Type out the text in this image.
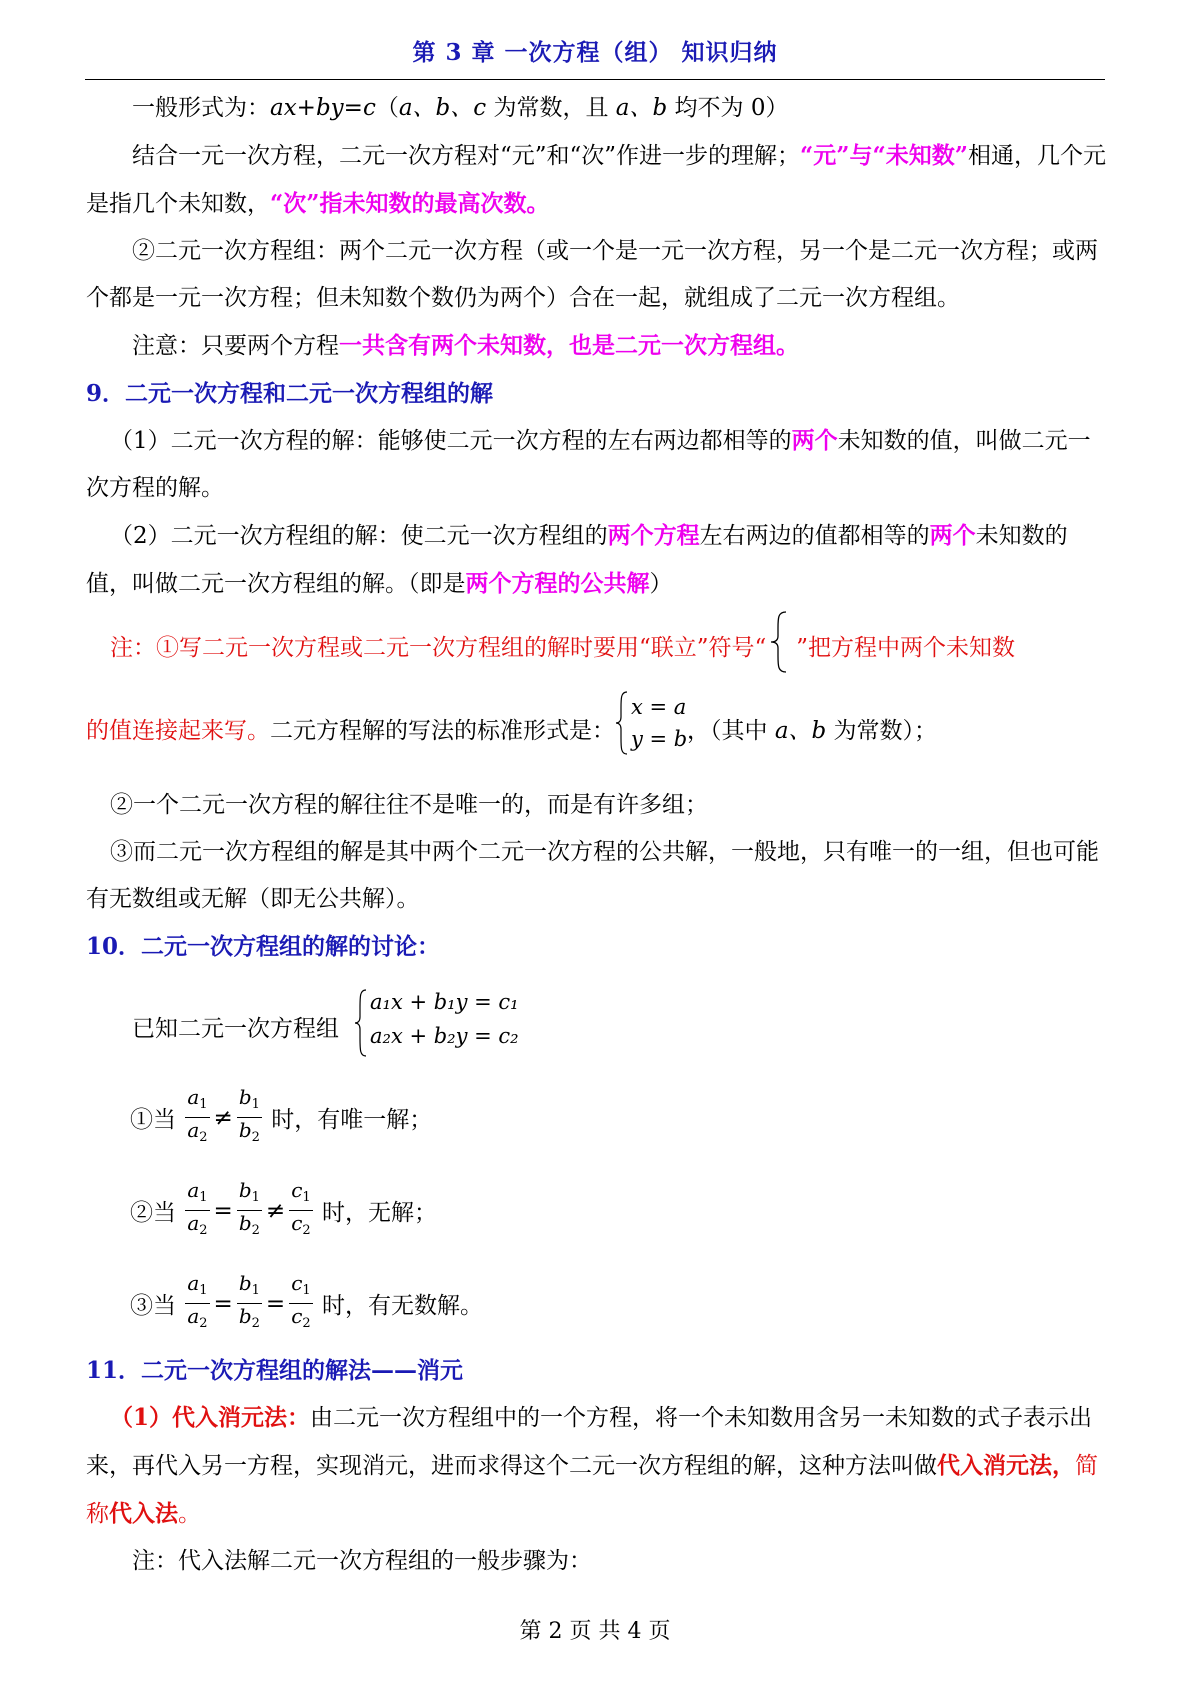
第 3 章 一次方程（组） 知识归纳

一般形式为：ax+by=c（a、b、c 为常数，且 a、b 均不为 0）

结合一元一次方程，二元一次方程对“元”和“次”作进一步的理解；“元”与“未知数”相通，几个元是指几个未知数，“次”指未知数的最高次数。

②二元一次方程组：两个二元一次方程（或一个是一元一次方程，另一个是二元一次方程；或两个都是一元一次方程；但未知数个数仍为两个）合在一起，就组成了二元一次方程组。

注意：只要两个方程一共含有两个未知数，也是二元一次方程组。

9．二元一次方程和二元一次方程组的解

（1）二元一次方程的解：能够使二元一次方程的左右两边都相等的两个未知数的值，叫做二元一次方程的解。

（2）二元一次方程组的解：使二元一次方程组的两个方程左右两边的值都相等的两个未知数的值，叫做二元一次方程组的解。（即是两个方程的公共解）

注：①写二元一次方程或二元一次方程组的解时要用“联立”符号“ ”把方程中两个未知数
的值连接起来写。二元方程解的写法的标准形式是：
x = a
y = b ，（其中 a、b 为常数）；

②一个二元一次方程的解往往不是唯一的，而是有许多组；

③而二元一次方程组的解是其中两个二元一次方程的公共解，一般地，只有唯一的一组，但也可能有无数组或无解（即无公共解）。

10．二元一次方程组的解的讨论：

已知二元一次方程组
a₁x + b₁y = c₁
a₂x + b₂y = c₂
①当 $\frac{a_1}{a_2} \ne \frac{b_1}{b_2}$ 时，有唯一解；
②当 $\frac{a_1}{a_2} = \frac{b_1}{b_2} \ne \frac{c_1}{c_2}$ 时，无解；
③当 $\frac{a_1}{a_2} = \frac{b_1}{b_2} = \frac{c_1}{c_2}$ 时，有无数解。

11．二元一次方程组的解法——消元

（1）代入消元法：由二元一次方程组中的一个方程，将一个未知数用含另一未知数的式子表示出来，再代入另一方程，实现消元，进而求得这个二元一次方程组的解，这种方法叫做代入消元法，简称代入法。

注：代入法解二元一次方程组的一般步骤为：

第 2 页 共 4 页
